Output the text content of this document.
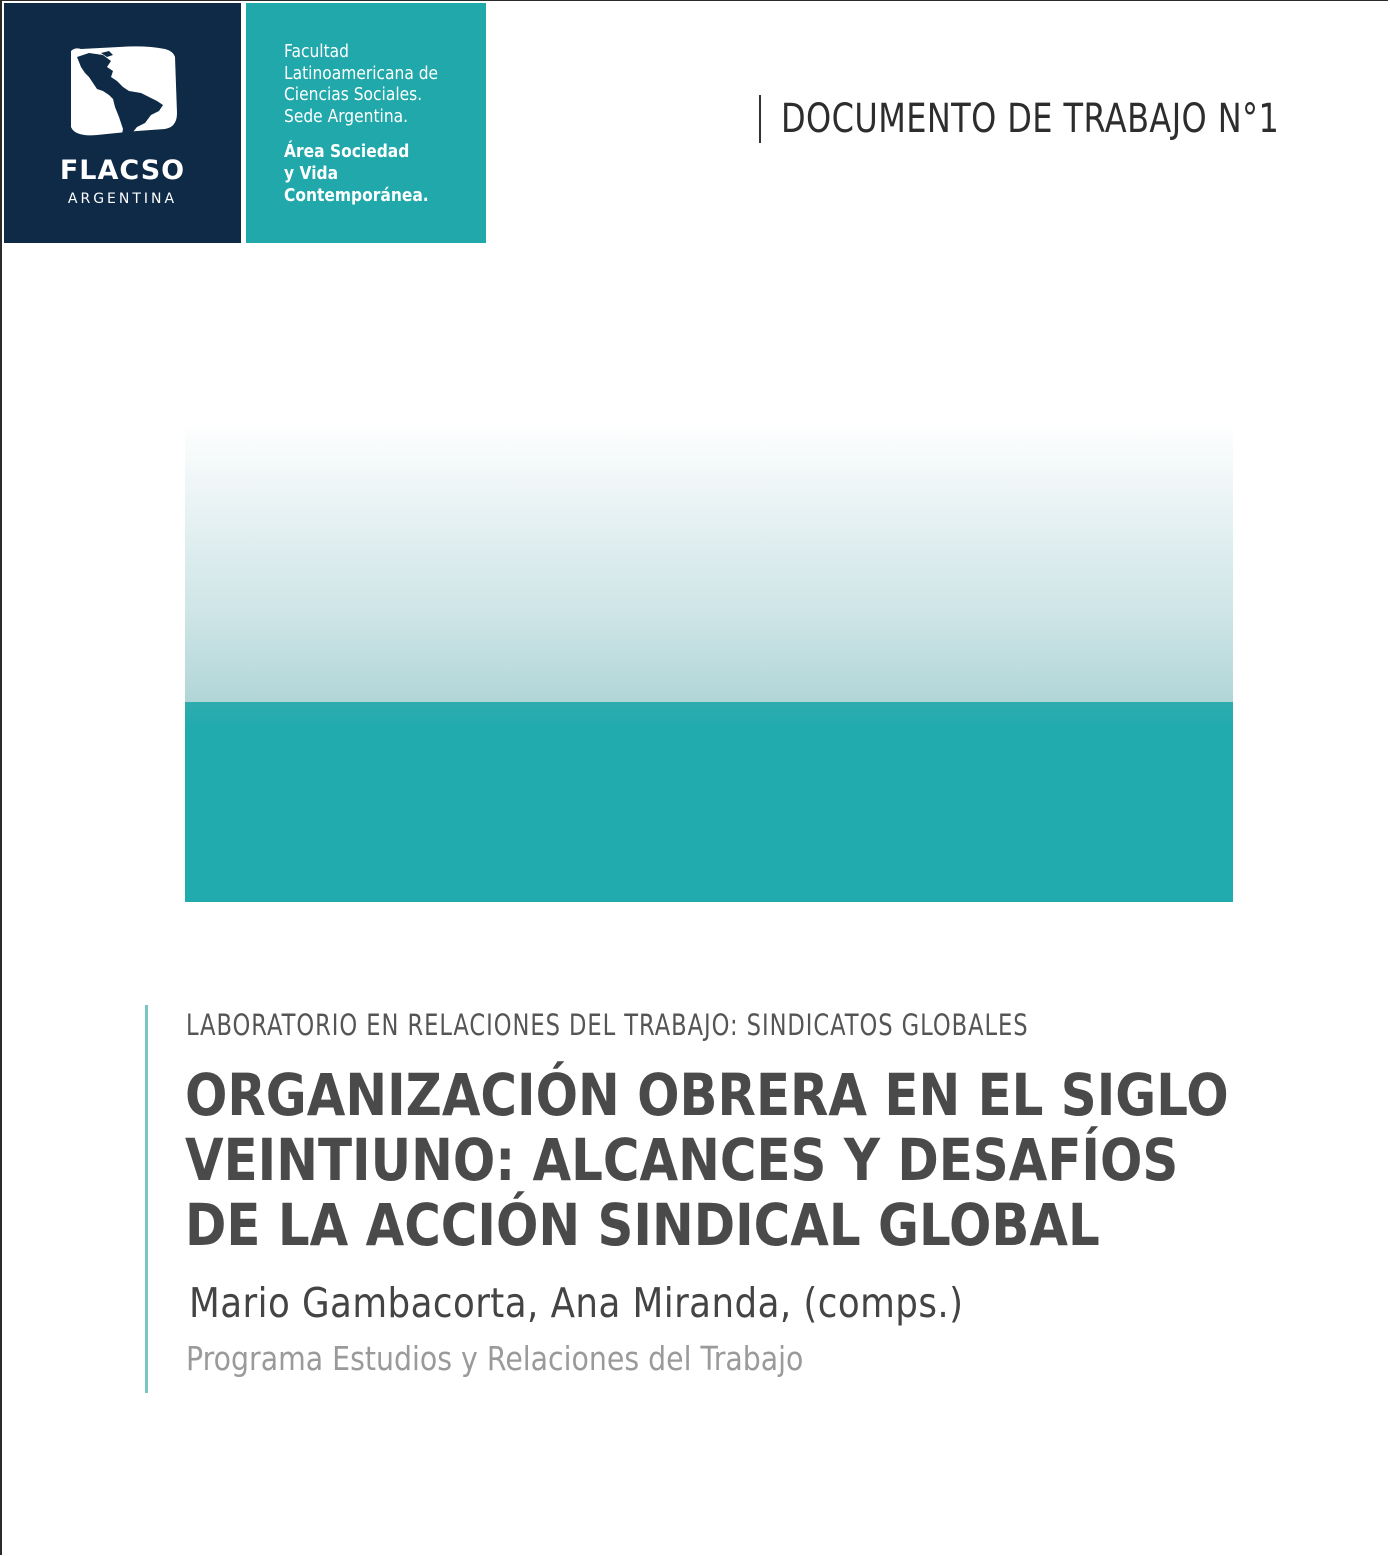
FLACSO
ARGENTINA
Facultad
Latinoamericana de
Ciencias Sociales.
Sede Argentina.
Área Sociedad
y Vida
Contemporánea.
DOCUMENTO DE TRABAJO N°1
LABORATORIO EN RELACIONES DEL TRABAJO: SINDICATOS GLOBALES
ORGANIZACIÓN OBRERA EN EL SIGLO
VEINTIUNO: ALCANCES Y DESAFÍOS
DE LA ACCIÓN SINDICAL GLOBAL
Mario Gambacorta, Ana Miranda, (comps.)
Programa Estudios y Relaciones del Trabajo
